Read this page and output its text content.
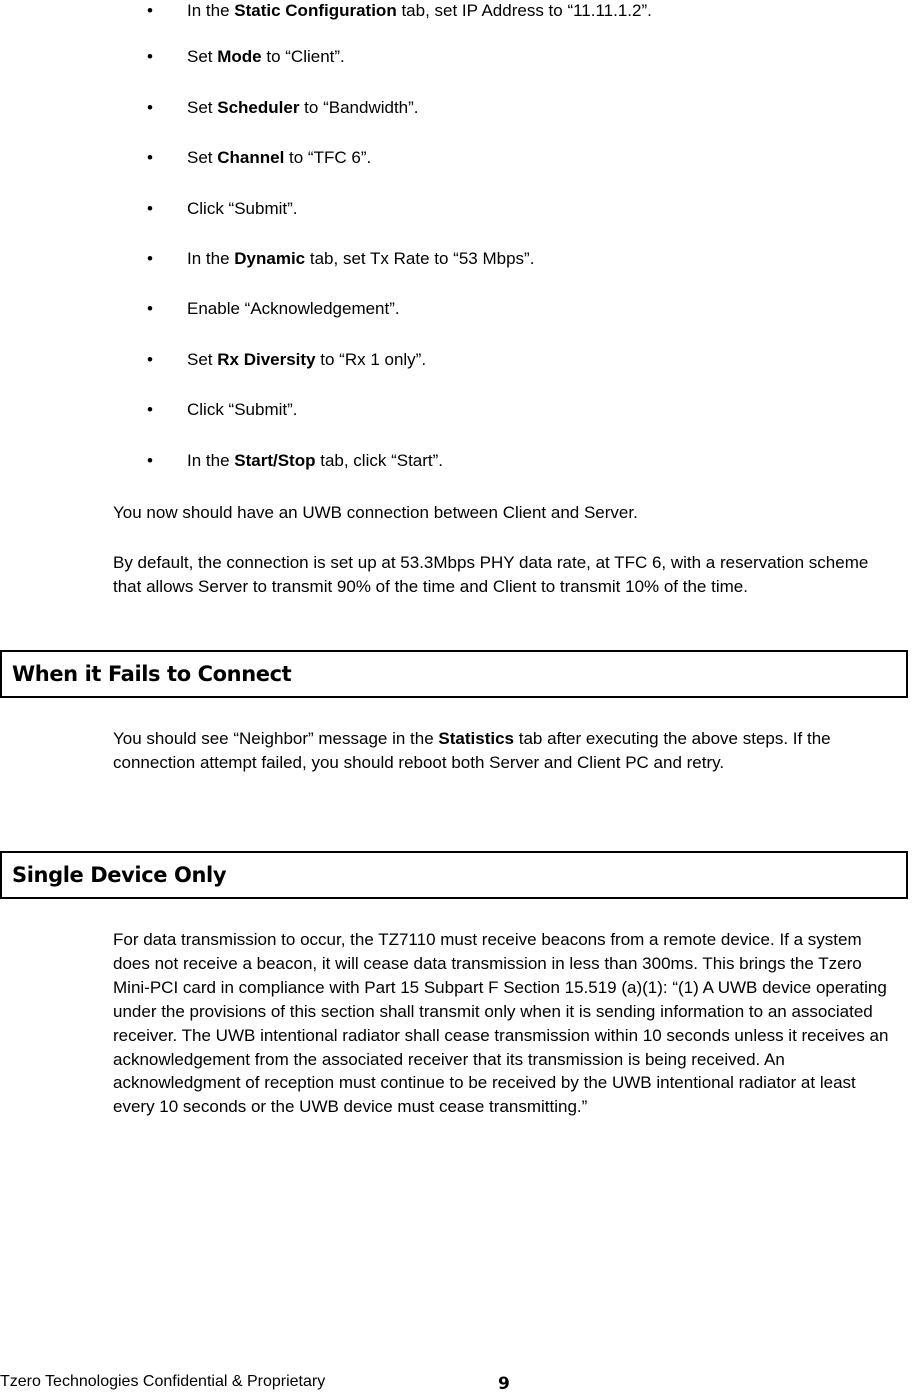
•	In the Static Configuration tab, set IP Address to “11.11.1.2”.
•	Set Mode to “Client”.
•	Set Scheduler to “Bandwidth”.
•	Set Channel to “TFC 6”.
•	Click “Submit”.
•	In the Dynamic tab, set Tx Rate to “53 Mbps”.
•	Enable “Acknowledgement”.
•	Set Rx Diversity to “Rx 1 only”.
•	Click “Submit”.
•	In the Start/Stop tab, click “Start”.

You now should have an UWB connection between Client and Server.

By default, the connection is set up at 53.3Mbps PHY data rate, at TFC 6, with a reservation scheme that allows Server to transmit 90% of the time and Client to transmit 10% of the time.

When it Fails to Connect

You should see “Neighbor” message in the Statistics tab after executing the above steps. If the connection attempt failed, you should reboot both Server and Client PC and retry.

Single Device Only

For data transmission to occur, the TZ7110 must receive beacons from a remote device. If a system does not receive a beacon, it will cease data transmission in less than 300ms. This brings the Tzero Mini-PCI card in compliance with Part 15 Subpart F Section 15.519 (a)(1): “(1) A UWB device operating under the provisions of this section shall transmit only when it is sending information to an associated receiver. The UWB intentional radiator shall cease transmission within 10 seconds unless it receives an acknowledgement from the associated receiver that its transmission is being received. An acknowledgment of reception must continue to be received by the UWB intentional radiator at least every 10 seconds or the UWB device must cease transmitting.”

Tzero Technologies Confidential & Proprietary	9
